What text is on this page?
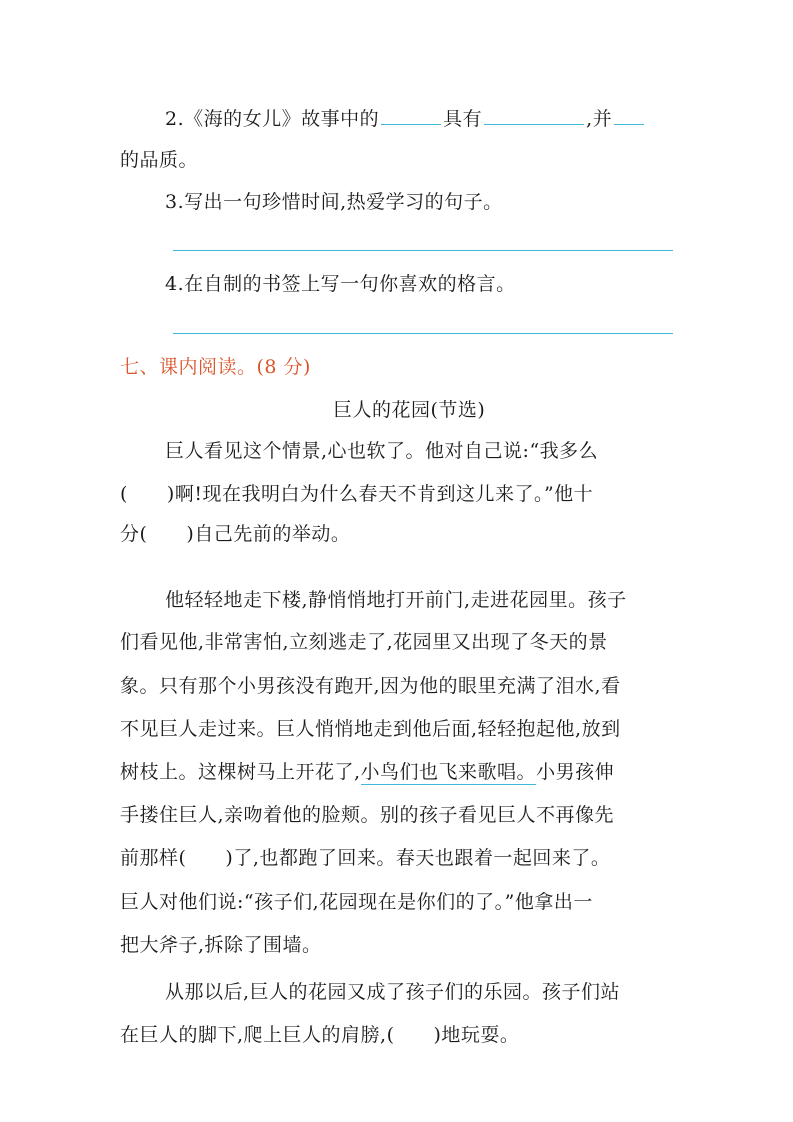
2.《海的女儿》故事中的	具有	,并
的品质。
3.写出一句珍惜时间,热爱学习的句子。
4.在自制的书签上写一句你喜欢的格言。
七、课内阅读。(8 分)
巨人的花园(节选)
巨人看见这个情景,心也软了。他对自己说:“我多么
(　　)啊!现在我明白为什么春天不肯到这儿来了。”他十
分(　　)自己先前的举动。
他轻轻地走下楼,静悄悄地打开前门,走进花园里。孩子
们看见他,非常害怕,立刻逃走了,花园里又出现了冬天的景
象。只有那个小男孩没有跑开,因为他的眼里充满了泪水,看
不见巨人走过来。巨人悄悄地走到他后面,轻轻抱起他,放到
树枝上。这棵树马上开花了,小鸟们也飞来歌唱。小男孩伸
手搂住巨人,亲吻着他的脸颊。别的孩子看见巨人不再像先
前那样(　　)了,也都跑了回来。春天也跟着一起回来了。
巨人对他们说:“孩子们,花园现在是你们的了。”他拿出一
把大斧子,拆除了围墙。
从那以后,巨人的花园又成了孩子们的乐园。孩子们站
在巨人的脚下,爬上巨人的肩膀,(　　)地玩耍。
